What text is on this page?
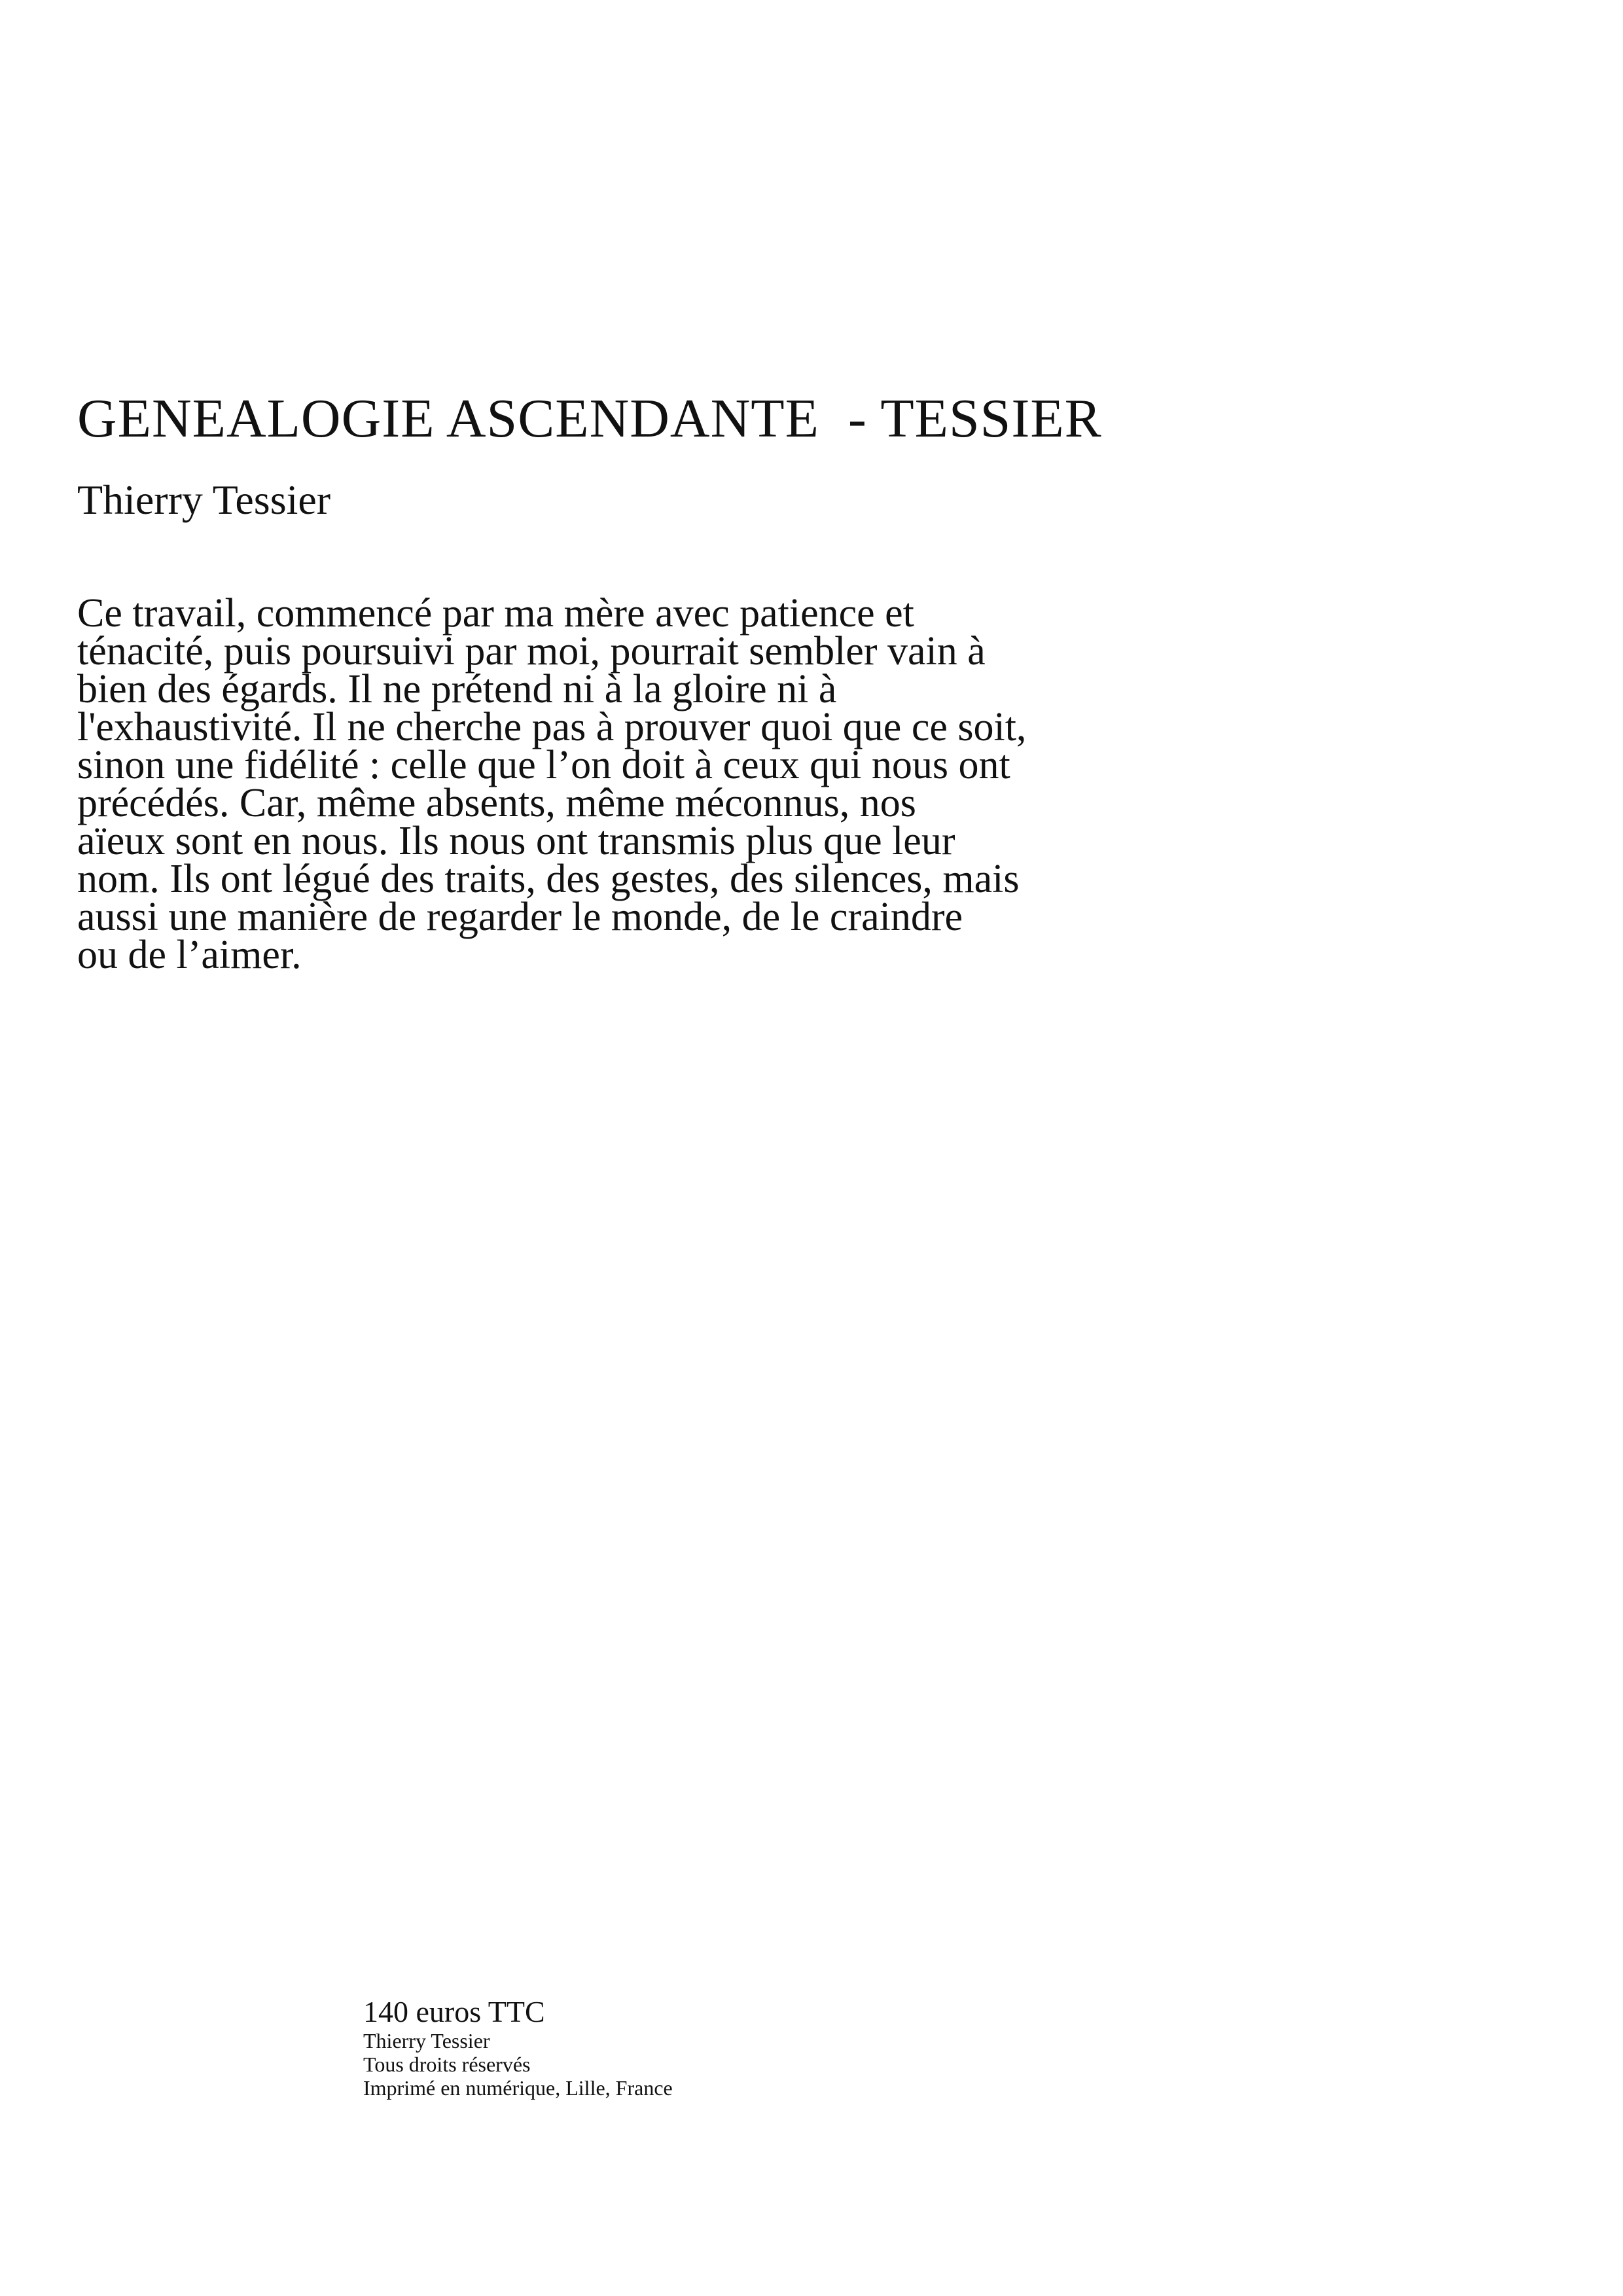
GENEALOGIE ASCENDANTE  - TESSIER
Thierry Tessier

Ce travail, commencé par ma mère avec patience et
ténacité, puis poursuivi par moi, pourrait sembler vain à
bien des égards. Il ne prétend ni à la gloire ni à
l'exhaustivité. Il ne cherche pas à prouver quoi que ce soit,
sinon une fidélité : celle que l’on doit à ceux qui nous ont
précédés. Car, même absents, même méconnus, nos
aïeux sont en nous. Ils nous ont transmis plus que leur
nom. Ils ont légué des traits, des gestes, des silences, mais
aussi une manière de regarder le monde, de le craindre
ou de l’aimer.

140 euros TTC
Thierry Tessier
Tous droits réservés
Imprimé en numérique, Lille, France
